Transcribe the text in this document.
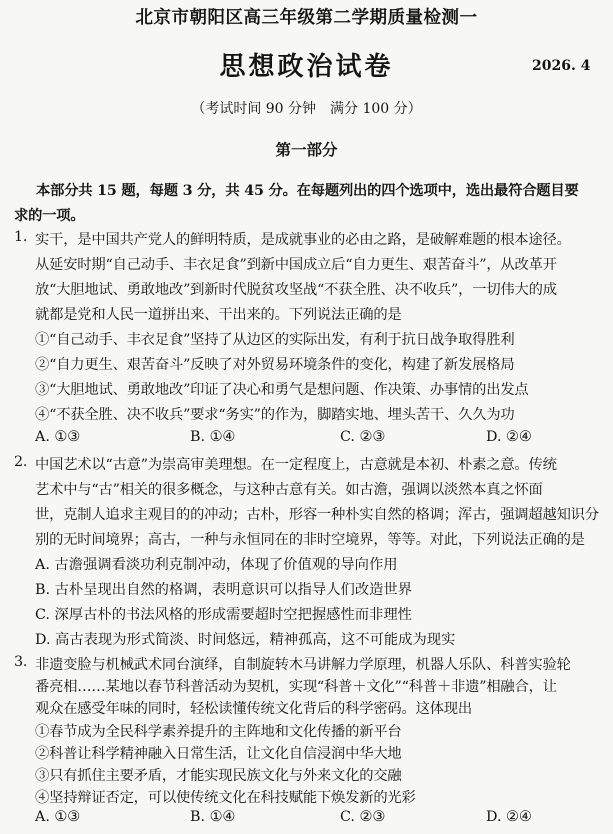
北京市朝阳区高三年级第二学期质量检测一
思想政治试卷	2026. 4
（考试时间 90 分钟　满分 100 分）
第一部分
本部分共 15 题，每题 3 分，共 45 分。在每题列出的四个选项中，选出最符合题目要
求的一项。
1. 实干，是中国共产党人的鲜明特质，是成就事业的必由之路，是破解难题的根本途径。
从延安时期“自己动手、丰衣足食”到新中国成立后“自力更生、艰苦奋斗”，从改革开
放“大胆地试、勇敢地改”到新时代脱贫攻坚战“不获全胜、决不收兵”，一切伟大的成
就都是党和人民一道拼出来、干出来的。下列说法正确的是
①“自己动手、丰衣足食”坚持了从边区的实际出发，有利于抗日战争取得胜利
②“自力更生、艰苦奋斗”反映了对外贸易环境条件的变化，构建了新发展格局
③“大胆地试、勇敢地改”印证了决心和勇气是想问题、作决策、办事情的出发点
④“不获全胜、决不收兵”要求“务实”的作为，脚踏实地、埋头苦干、久久为功
A. ①③	B. ①④	C. ②③	D. ②④
2. 中国艺术以“古意”为崇高审美理想。在一定程度上，古意就是本初、朴素之意。传统
艺术中与“古”相关的很多概念，与这种古意有关。如古澹，强调以淡然本真之怀面
世，克制人追求主观目的的冲动；古朴，形容一种朴实自然的格调；浑古，强调超越知识分
别的无时间境界；高古，一种与永恒同在的非时空境界，等等。对此，下列说法正确的是
A. 古澹强调看淡功利克制冲动，体现了价值观的导向作用
B. 古朴呈现出自然的格调，表明意识可以指导人们改造世界
C. 深厚古朴的书法风格的形成需要超时空把握感性而非理性
D. 高古表现为形式简淡、时间悠远，精神孤高，这不可能成为现实
3. 非遗变脸与机械武术同台演绎，自制旋转木马讲解力学原理，机器人乐队、科普实验轮
番亮相……某地以春节科普活动为契机，实现“科普＋文化”“科普＋非遗”相融合，让
观众在感受年味的同时，轻松读懂传统文化背后的科学密码。这体现出
①春节成为全民科学素养提升的主阵地和文化传播的新平台
②科普让科学精神融入日常生活，让文化自信浸润中华大地
③只有抓住主要矛盾，才能实现民族文化与外来文化的交融
④坚持辩证否定，可以使传统文化在科技赋能下焕发新的光彩
A. ①③	B. ①④	C. ②③	D. ②④
